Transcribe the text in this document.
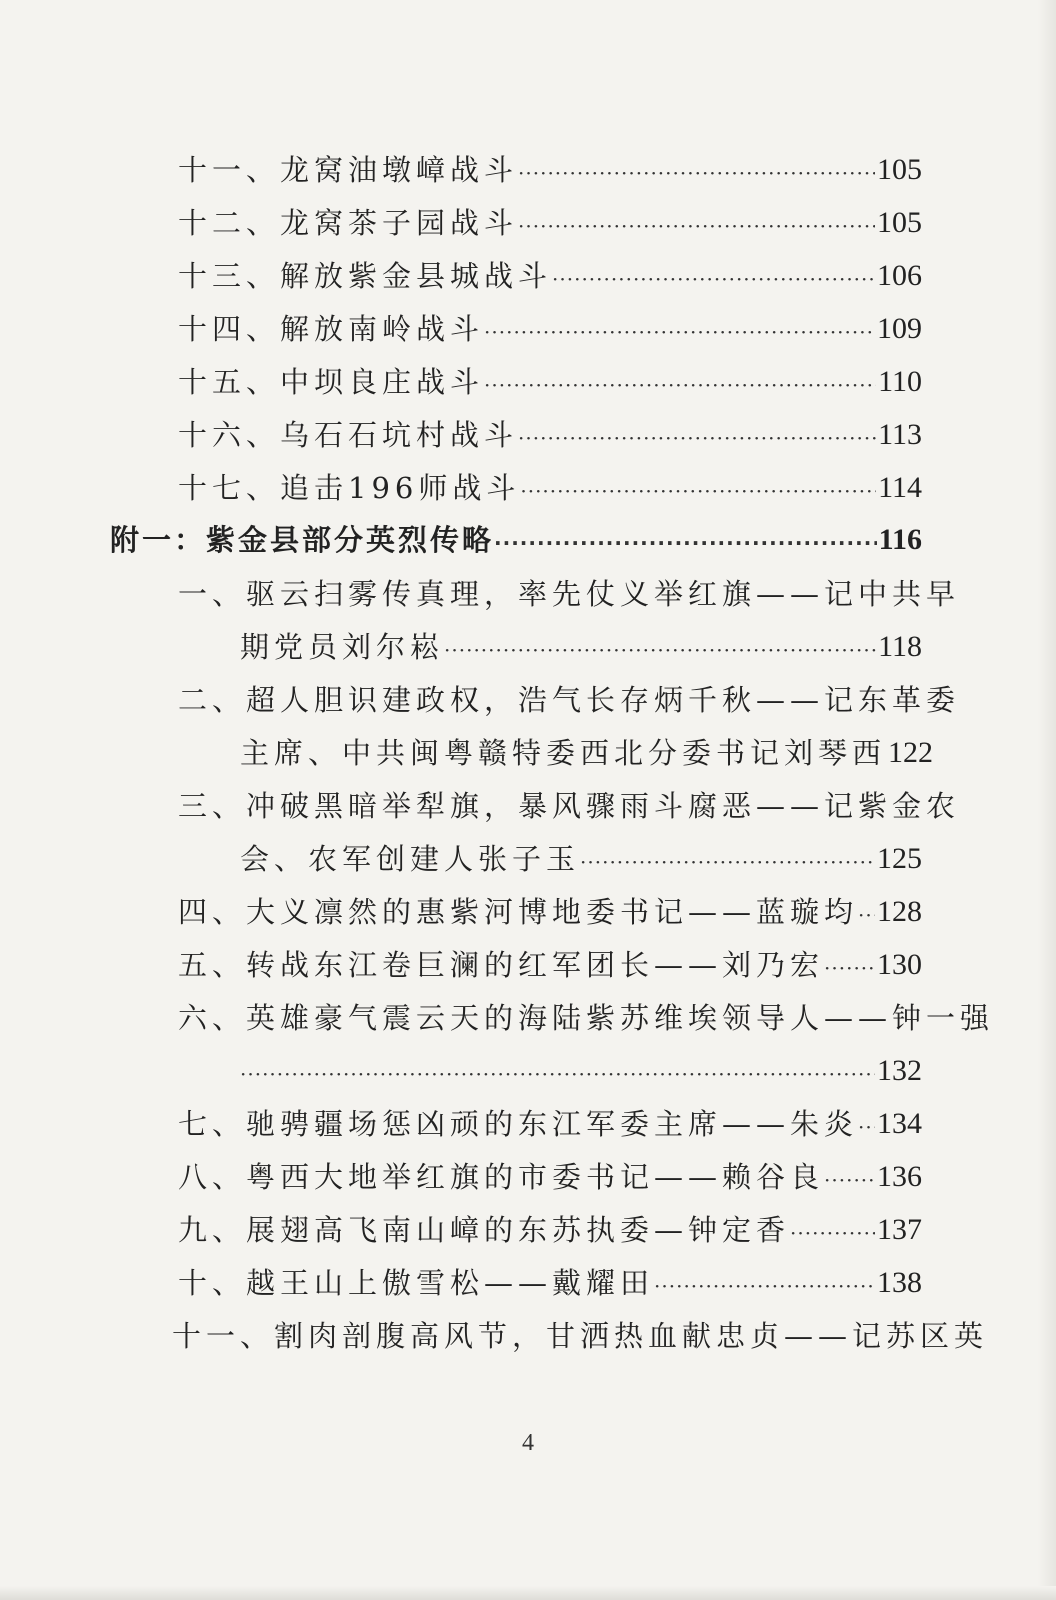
十一、龙窝油墩嶂战斗 ·····	105
十二、龙窝茶子园战斗 ·····	105
十三、解放紫金县城战斗 ·····	106
十四、解放南岭战斗 ·····	109
十五、中坝良庄战斗 ·····	110
十六、乌石石坑村战斗 ·····	113
十七、追击196师战斗 ·····	114
附一：紫金县部分英烈传略 ·····	116
一、驱云扫雾传真理，率先仗义举红旗——记中共早
期党员刘尔崧 ·····	118
二、超人胆识建政权，浩气长存炳千秋——记东革委
主席、中共闽粤赣特委西北分委书记刘琴西 122
三、冲破黑暗举犁旗，暴风骤雨斗腐恶——记紫金农
会、农军创建人张子玉 ·····	125
四、大义凛然的惠紫河博地委书记——蓝璇均 ····· 128
五、转战东江卷巨澜的红军团长——刘乃宏 ····· 130
六、英雄豪气震云天的海陆紫苏维埃领导人——钟一强
·····
132
七、驰骋疆场惩凶顽的东江军委主席——朱炎 ····· 134
八、粤西大地举红旗的市委书记——赖谷良 ····· 136
九、展翅高飞南山嶂的东苏执委—钟定香 ·····	137
十、越王山上傲雪松——戴耀田 ·····	138
十一、割肉剖腹高风节，甘洒热血献忠贞——记苏区英
4
